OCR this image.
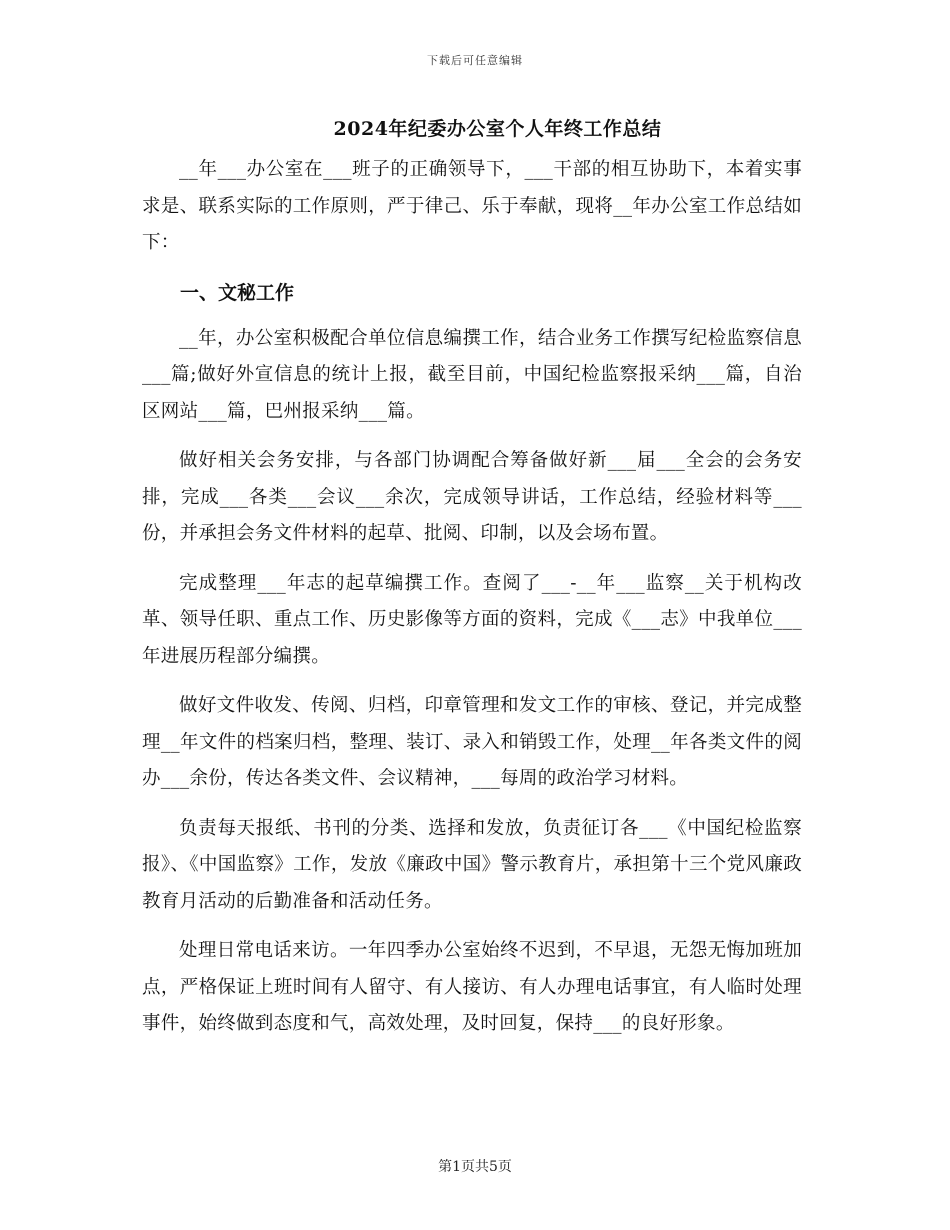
下载后可任意编辑
2024年纪委办公室个人年终工作总结

__年___办公室在___班子的正确领导下，___干部的相互协助下，本着实事求是、联系实际的工作原则，严于律己、乐于奉献，现将__年办公室工作总结如下：

一、文秘工作

__年，办公室积极配合单位信息编撰工作，结合业务工作撰写纪检监察信息___篇;做好外宣信息的统计上报，截至目前，中国纪检监察报采纳___篇，自治区网站___篇，巴州报采纳___篇。

做好相关会务安排，与各部门协调配合筹备做好新___届___全会的会务安排，完成___各类___会议___余次，完成领导讲话，工作总结，经验材料等___份，并承担会务文件材料的起草、批阅、印制，以及会场布置。

完成整理___年志的起草编撰工作。查阅了___-__年___监察__关于机构改革、领导任职、重点工作、历史影像等方面的资料，完成《___志》中我单位___年进展历程部分编撰。

做好文件收发、传阅、归档，印章管理和发文工作的审核、登记，并完成整理__年文件的档案归档，整理、装订、录入和销毁工作，处理__年各类文件的阅办___余份，传达各类文件、会议精神，___每周的政治学习材料。

负责每天报纸、书刊的分类、选择和发放，负责征订各___《中国纪检监察报》、《中国监察》工作，发放《廉政中国》警示教育片，承担第十三个党风廉政教育月活动的后勤准备和活动任务。

处理日常电话来访。一年四季办公室始终不迟到，不早退，无怨无悔加班加点，严格保证上班时间有人留守、有人接访、有人办理电话事宜，有人临时处理事件，始终做到态度和气，高效处理，及时回复，保持___的良好形象。

第1页共5页
